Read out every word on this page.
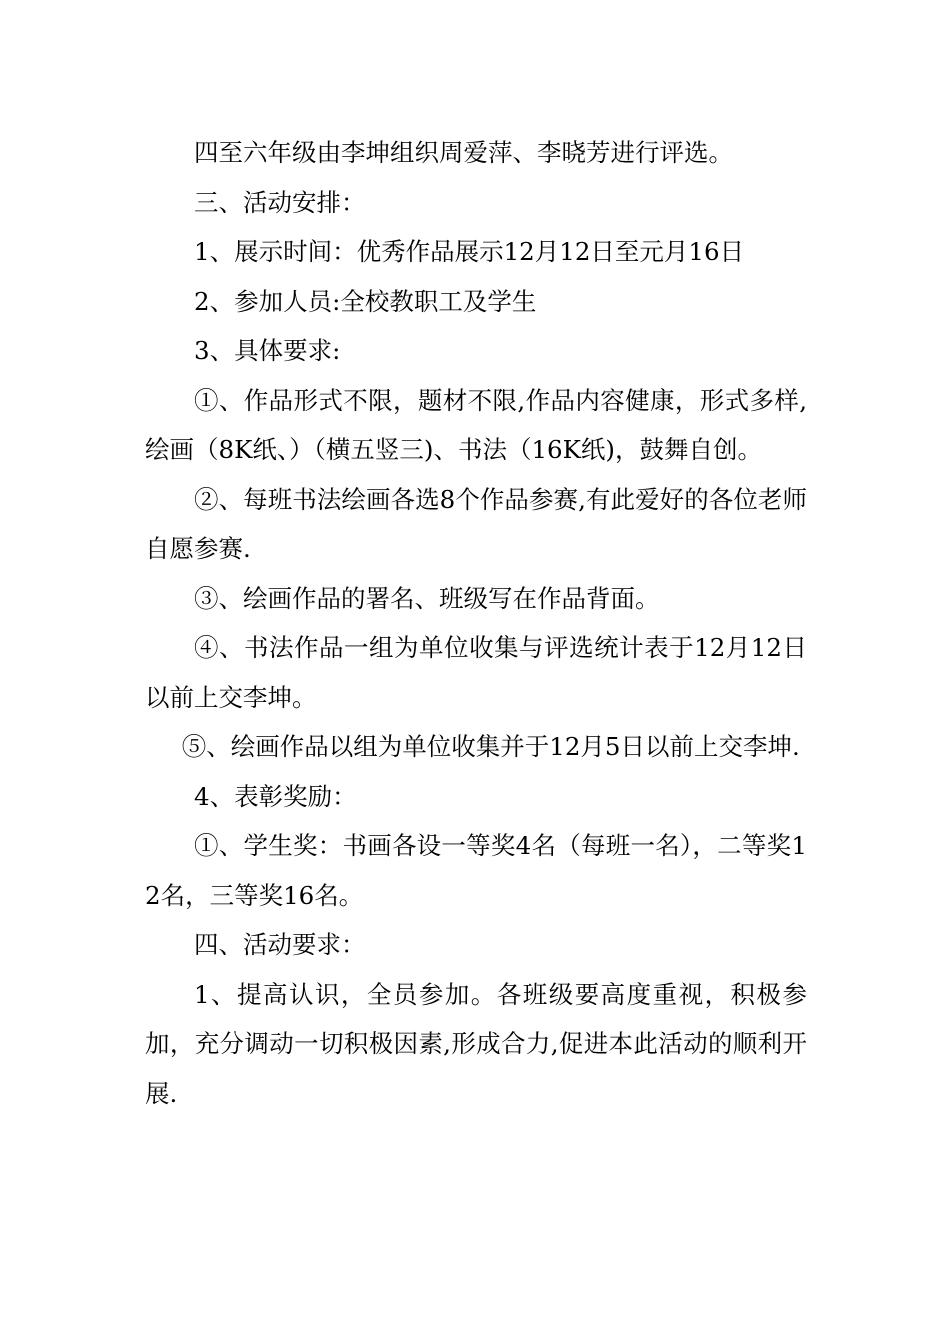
四至六年级由李坤组织周爱萍、李晓芳进行评选。

三、活动安排：

1、展示时间：优秀作品展示12月12日至元月16日

2、参加人员:全校教职工及学生

3、具体要求:

①、作品形式不限，题材不限,作品内容健康，形式多样,绘画（8K纸、）（横五竖三)、书法（16K纸)，鼓舞自创。

②、每班书法绘画各选8个作品参赛,有此爱好的各位老师自愿参赛.

③、绘画作品的署名、班级写在作品背面。

④、书法作品一组为单位收集与评选统计表于12月12日以前上交李坤。

⑤、绘画作品以组为单位收集并于12月5日以前上交李坤.

4、表彰奖励：

①、学生奖：书画各设一等奖4名（每班一名），二等奖12名，三等奖16名。

四、活动要求：

1、提高认识，全员参加。各班级要高度重视，积极参加，充分调动一切积极因素,形成合力,促进本此活动的顺利开展.
